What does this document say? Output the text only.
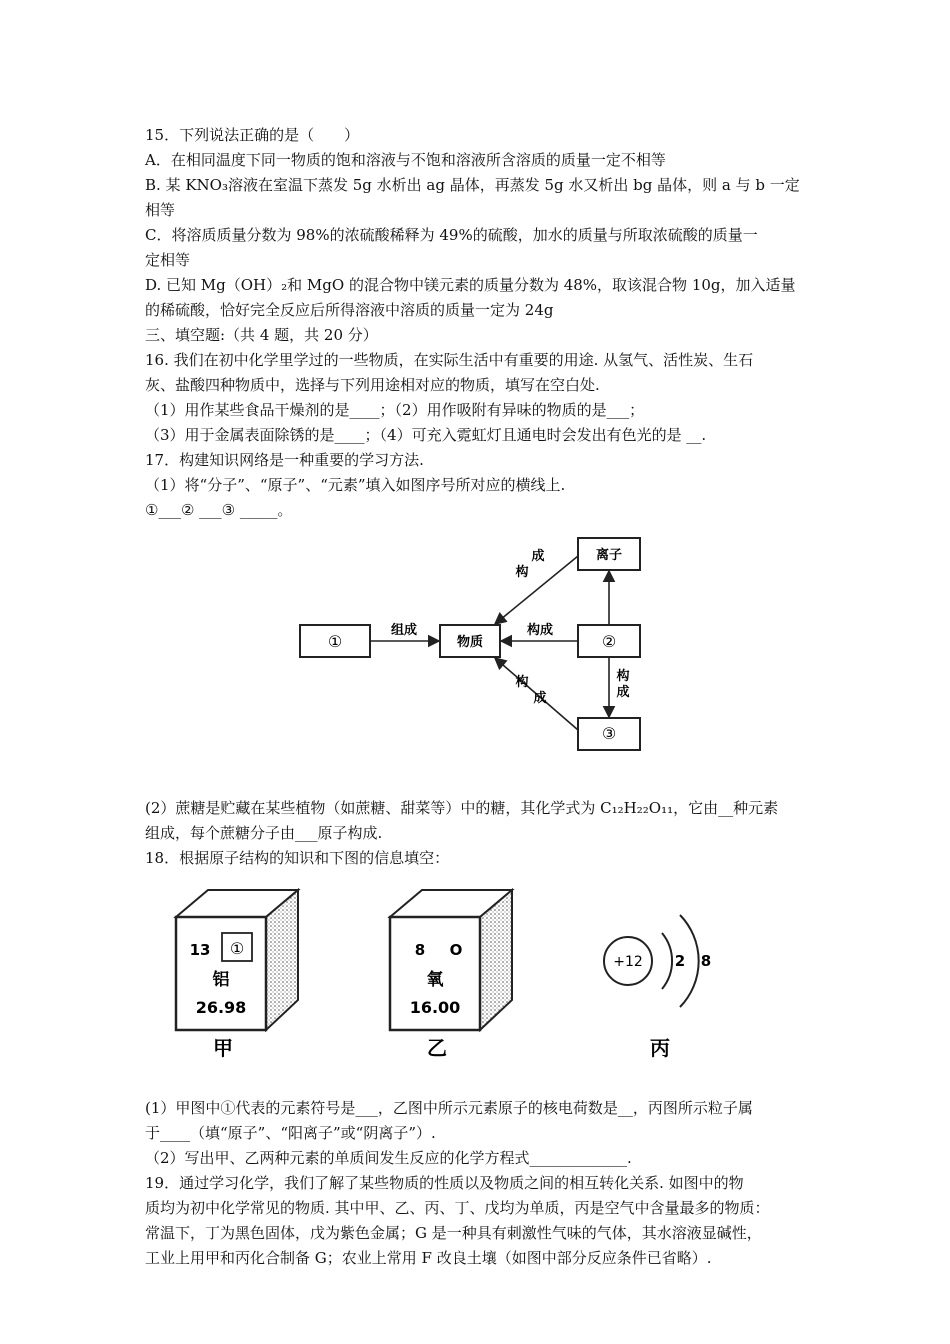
15．下列说法正确的是（　　）
A．在相同温度下同一物质的饱和溶液与不饱和溶液所含溶质的质量一定不相等
B. 某 KNO₃溶液在室温下蒸发 5g 水析出 ag 晶体，再蒸发 5g 水又析出 bg 晶体，则 a 与 b 一定
相等
C．将溶质质量分数为 98%的浓硫酸稀释为 49%的硫酸，加水的质量与所取浓硫酸的质量一
定相等
D. 已知 Mg（OH）₂和 MgO 的混合物中镁元素的质量分数为 48%，取该混合物 10g，加入适量
的稀硫酸，恰好完全反应后所得溶液中溶质的质量一定为 24g
三、填空题:（共 4 题，共 20 分）
16. 我们在初中化学里学过的一些物质，在实际生活中有重要的用途. 从氢气、活性炭、生石
灰、盐酸四种物质中，选择与下列用途相对应的物质，填写在空白处.
（1）用作某些食品干燥剂的是____；（2）用作吸附有异味的物质的是___；
（3）用于金属表面除锈的是____；（4）可充入霓虹灯且通电时会发出有色光的是 __.
17．构建知识网络是一种重要的学习方法.
（1）将“分子”、“原子”、“元素”填入如图序号所对应的横线上.
①___② ___③ _____。
①	物质	②
离子
③
组成	构成
成
构
构
成
构
成
(2）蔗糖是贮藏在某些植物（如蔗糖、甜菜等）中的糖，其化学式为 C₁₂H₂₂O₁₁，它由__种元素
组成，每个蔗糖分子由___原子构成.
18．根据原子结构的知识和下图的信息填空：
13 ①
铝
26.98
甲
8 O
氧
16.00
乙
+12 2 8
丙
(1）甲图中①代表的元素符号是___，乙图中所示元素原子的核电荷数是__，丙图所示粒子属
于____（填“原子”、“阳离子”或“阴离子”）.
（2）写出甲、乙两种元素的单质间发生反应的化学方程式_____________.
19．通过学习化学，我们了解了某些物质的性质以及物质之间的相互转化关系. 如图中的物
质均为初中化学常见的物质. 其中甲、乙、丙、丁、戊均为单质，丙是空气中含量最多的物质：
常温下，丁为黑色固体，戊为紫色金属；G 是一种具有刺激性气味的气体，其水溶液显碱性，
工业上用甲和丙化合制备 G；农业上常用 F 改良土壤（如图中部分反应条件已省略）.
